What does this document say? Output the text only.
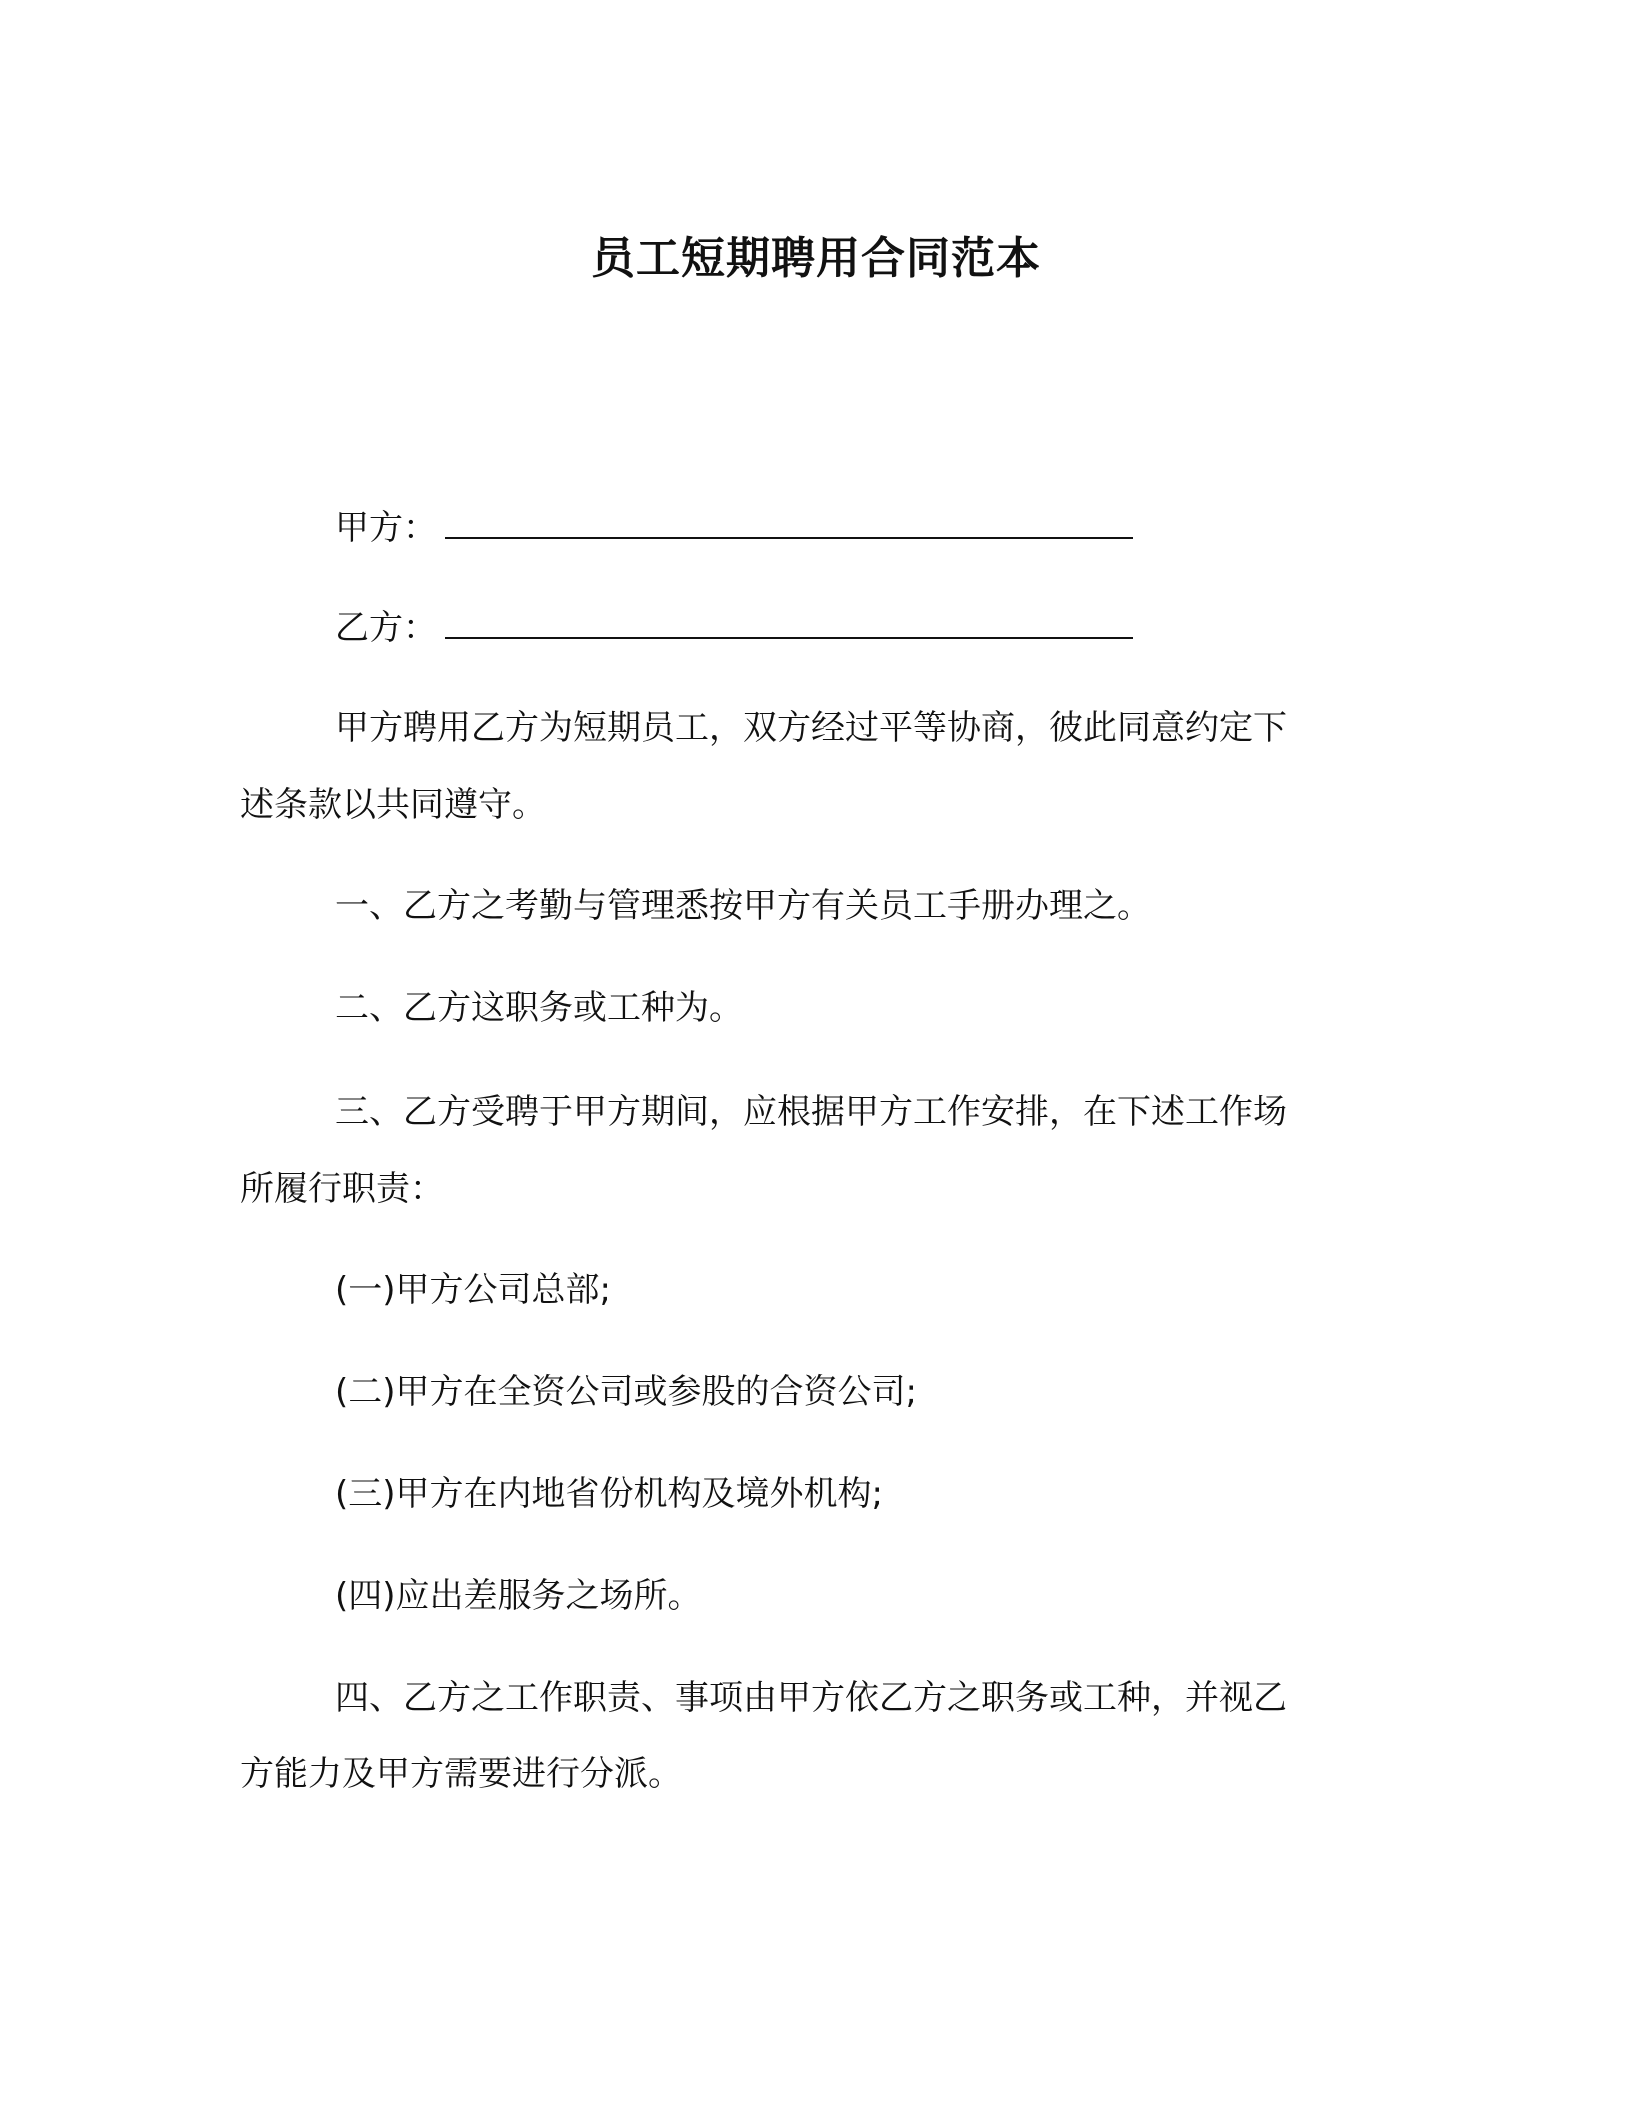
员工短期聘用合同范本
甲方：
乙方：
甲方聘用乙方为短期员工，双方经过平等协商，彼此同意约定下
述条款以共同遵守。
一、乙方之考勤与管理悉按甲方有关员工手册办理之。
二、乙方这职务或工种为。
三、乙方受聘于甲方期间，应根据甲方工作安排，在下述工作场
所履行职责：
(一)甲方公司总部;
(二)甲方在全资公司或参股的合资公司;
(三)甲方在内地省份机构及境外机构;
(四)应出差服务之场所。
四、乙方之工作职责、事项由甲方依乙方之职务或工种，并视乙
方能力及甲方需要进行分派。
